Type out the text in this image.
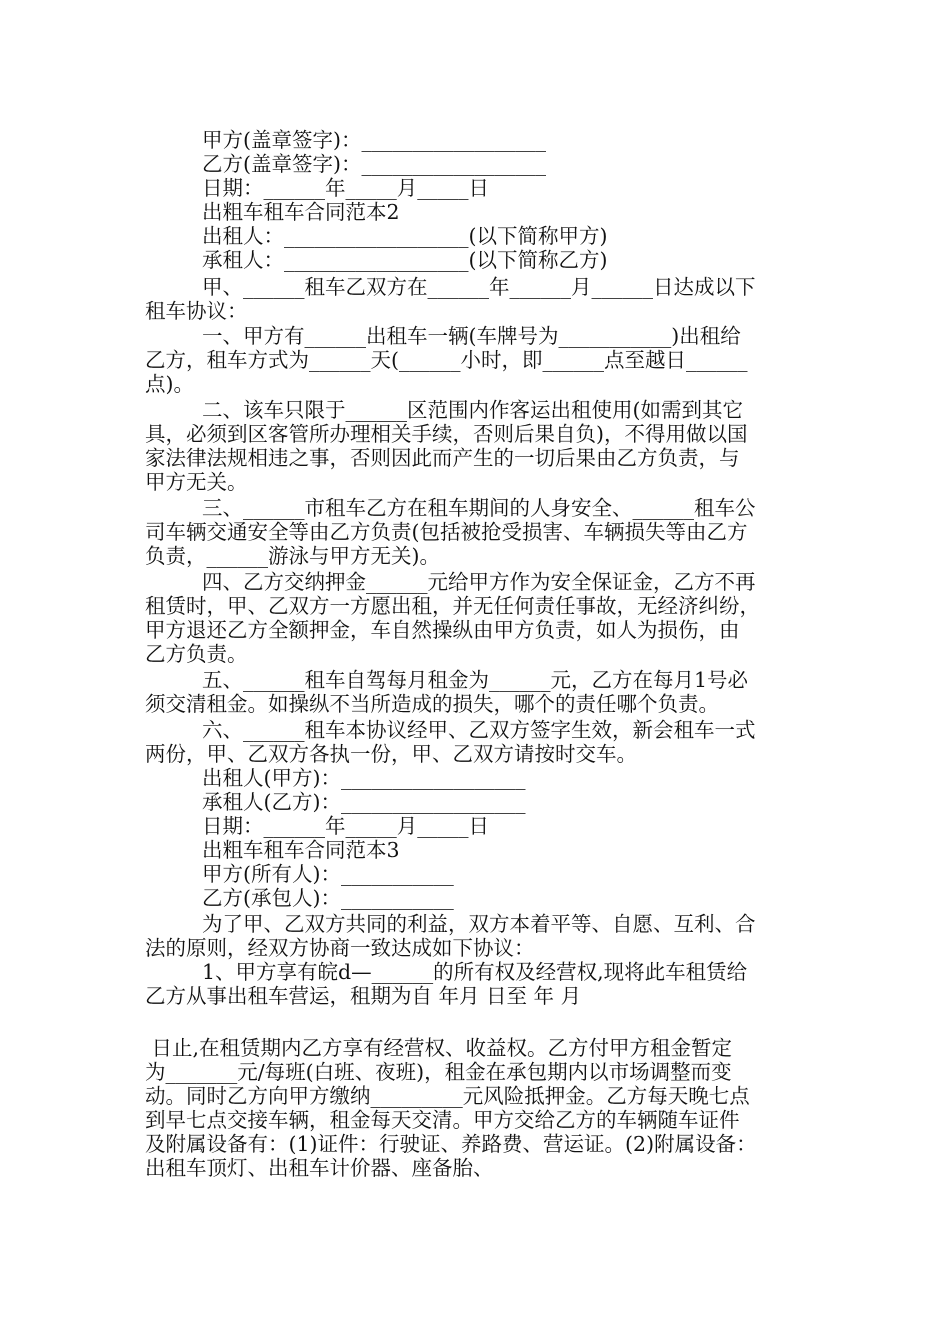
甲方(盖章签字)：__________________

乙方(盖章签字)：__________________

日期：______年_____月_____日

出粗车租车合同范本2

出租人：__________________(以下简称甲方)

承租人：__________________(以下简称乙方)

甲、______租车乙双方在______年______月______日达成以下

租车协议：

一、甲方有______出租车一辆(车牌号为___________)出租给

乙方，租车方式为______天(______小时，即______点至越日______

点)。

二、该车只限于______区范围内作客运出租使用(如需到其它

具，必须到区客管所办理相关手续，否则后果自负)，不得用做以国

家法律法规相违之事，否则因此而产生的一切后果由乙方负责，与

甲方无关。

三、______市租车乙方在租车期间的人身安全、______租车公

司车辆交通安全等由乙方负责(包括被抢受损害、车辆损失等由乙方

负责，______游泳与甲方无关)。

四、乙方交纳押金______元给甲方作为安全保证金，乙方不再

租赁时，甲、乙双方一方愿出租，并无任何责任事故，无经济纠纷，

甲方退还乙方全额押金，车自然操纵由甲方负责，如人为损伤，由

乙方负责。

五、______租车自驾每月租金为______元，乙方在每月1号必

须交清租金。如操纵不当所造成的损失，哪个的责任哪个负责。

六、______租车本协议经甲、乙双方签字生效，新会租车一式

两份，甲、乙双方各执一份，甲、乙双方请按时交车。

出租人(甲方)：__________________

承租人(乙方)：__________________

日期：______年_____月_____日

出粗车租车合同范本3

甲方(所有人)：___________

乙方(承包人)：___________

为了甲、乙双方共同的利益，双方本着平等、自愿、互利、合

法的原则，经双方协商一致达成如下协议：

1、甲方享有皖d—______的所有权及经营权,现将此车租赁给

乙方从事出租车营运，租期为自 年月 日至 年 月

日止,在租赁期内乙方享有经营权、收益权。乙方付甲方租金暂定

为_______元/每班(白班、夜班)，租金在承包期内以市场调整而变

动。同时乙方向甲方缴纳_________元风险抵押金。乙方每天晚七点

到早七点交接车辆，租金每天交清。甲方交给乙方的车辆随车证件

及附属设备有：(1)证件：行驶证、养路费、营运证。(2)附属设备：

出租车顶灯、出租车计价器、座备胎、
